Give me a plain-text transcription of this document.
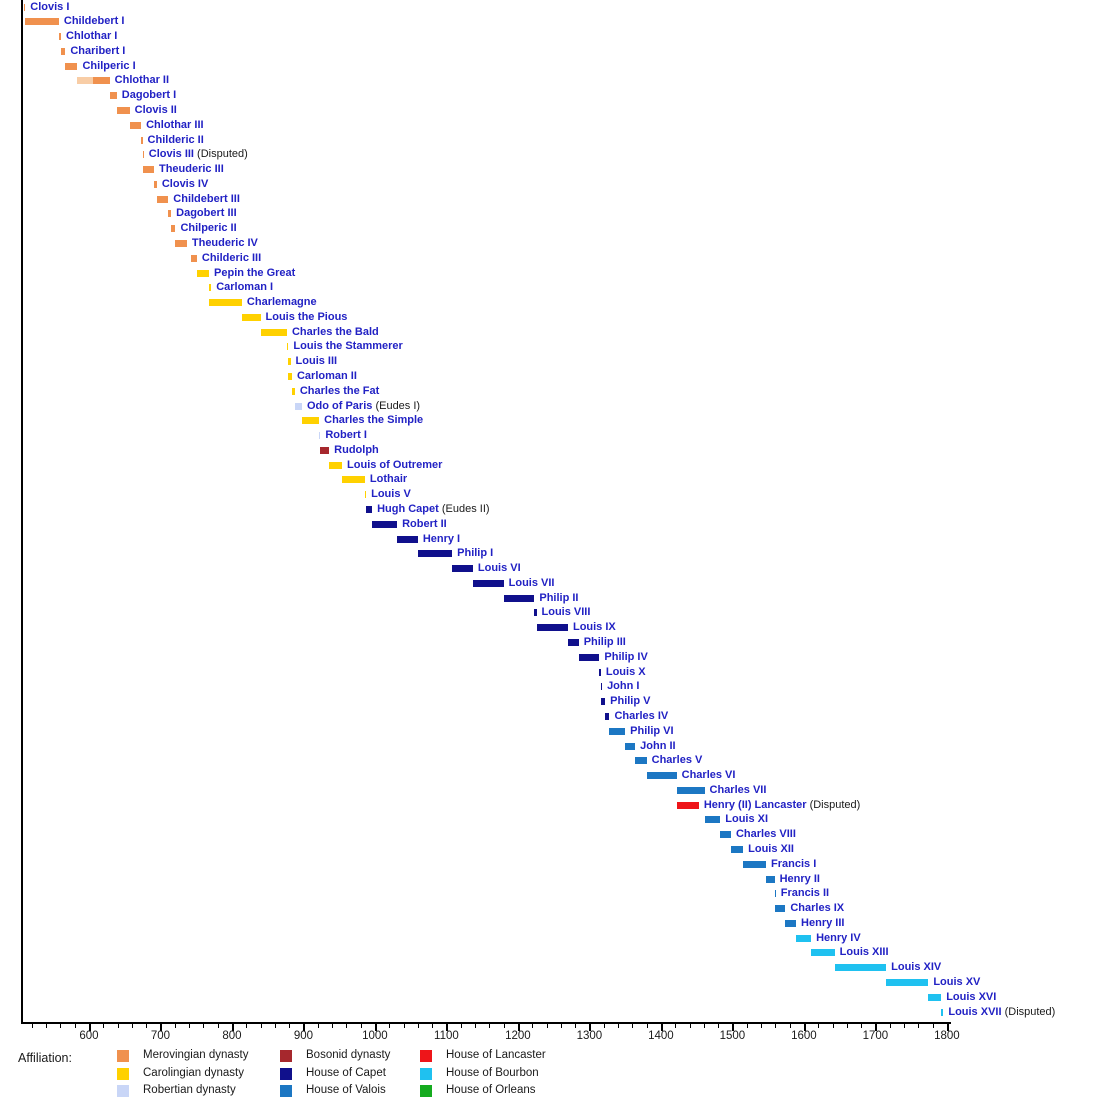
Clovis I
Childebert I
Chlothar I
Charibert I
Chilperic I
Chlothar II
Dagobert I
Clovis II
Chlothar III
Childeric II
Clovis III (Disputed)
Theuderic III
Clovis IV
Childebert III
Dagobert III
Chilperic II
Theuderic IV
Childeric III
Pepin the Great
Carloman I
Charlemagne
Louis the Pious
Charles the Bald
Louis the Stammerer
Louis III
Carloman II
Charles the Fat
Odo of Paris (Eudes I)
Charles the Simple
Robert I
Rudolph
Louis of Outremer
Lothair
Louis V
Hugh Capet (Eudes II)
Robert II
Henry I
Philip I
Louis VI
Louis VII
Philip II
Louis VIII
Louis IX
Philip III
Philip IV
Louis X
John I
Philip V
Charles IV
Philip VI
John II
Charles V
Charles VI
Charles VII
Henry (II) Lancaster (Disputed)
Louis XI
Charles VIII
Louis XII
Francis I
Henry II
Francis II
Charles IX
Henry III
Henry IV
Louis XIII
Louis XIV
Louis XV
Louis XVI
Louis XVII (Disputed)
600	700	800	900	1000	1100	1200	1300	1400	1500	1600	1700	1800
Affiliation:	Merovingian dynasty
Carolingian dynasty
Robertian dynasty
Bosonid dynasty
House of Capet
House of Valois
House of Lancaster
House of Bourbon
House of Orleans
